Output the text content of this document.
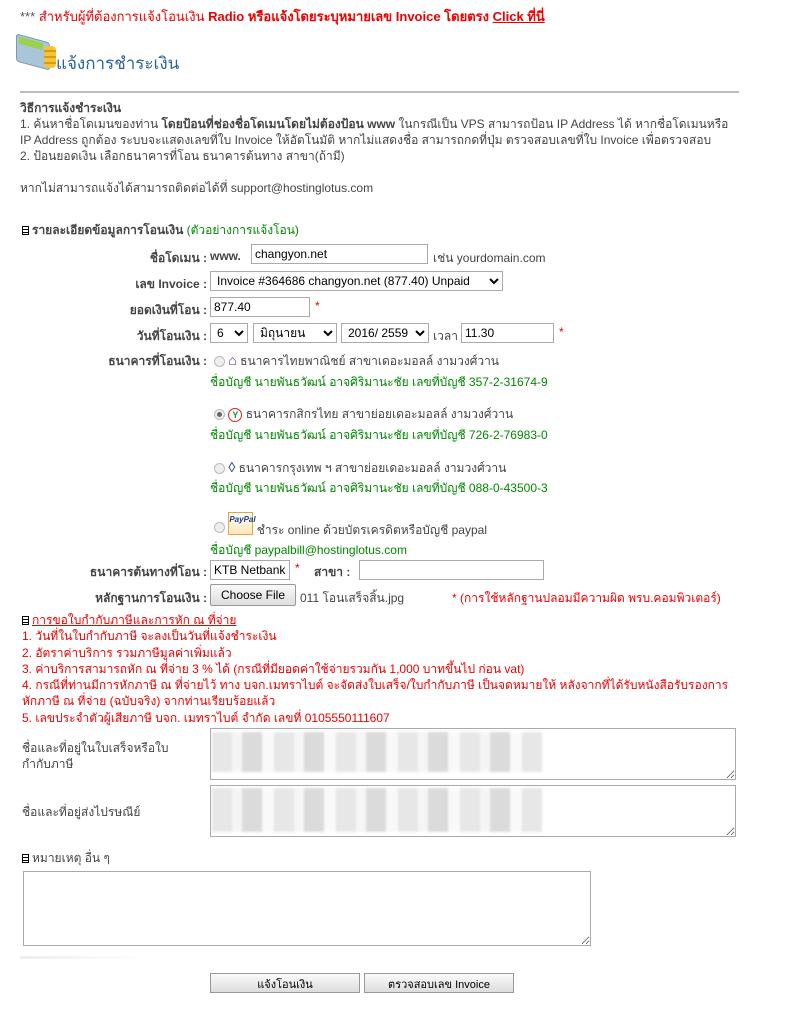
*** สำหรับผู้ที่ต้องการแจ้งโอนเงิน Radio หรือแจ้งโดยระบุหมายเลข Invoice โดยตรง Click ที่นี่
แจ้งการชำระเงิน
วิธีการแจ้งชำระเงิน
1. ค้นหาชื่อโดเมนของท่าน โดยป้อนที่ช่องชื่อโดเมนโดยไม่ต้องป้อน www ในกรณีเป็น VPS สามารถป้อน IP Address ได้ หากชื่อโดเมนหรือ IP Address ถูกต้อง ระบบจะแสดงเลขที่ใบ Invoice ให้อัตโนมัติ หากไม่แสดงชื่อ สามารถกดที่ปุ่ม ตรวจสอบเลขที่ใบ Invoice เพื่อตรวจสอบ
2. ป้อนยอดเงิน เลือกธนาคารที่โอน ธนาคารต้นทาง สาขา(ถ้ามี)
หากไม่สามารถแจ้งได้สามารถติดต่อได้ที่ support@hostinglotus.com
รายละเอียดข้อมูลการโอนเงิน (ตัวอย่างการแจ้งโอน)
ชื่อโดเมน : www.
changyon.net	เช่น yourdomain.com
เลข Invoice :
Invoice #364686 changyon.net (877.40) Unpaid
ยอดเงินที่โอน :
877.40	*
วันที่โอนเงิน :
6
มิถุนายน
2016/ 2559	เวลา
11.30	*
ธนาคารที่โอนเงิน :	⌂ ธนาคารไทยพาณิชย์ สาขาเดอะมอลล์ งามวงศ์วาน
ชื่อบัญชี นายพันธวัฒน์ อาจศิริมานะชัย เลขที่บัญชี 357-2-31674-9
Y ธนาคารกสิกรไทย สาขาย่อยเดอะมอลล์ งามวงศ์วาน
ชื่อบัญชี นายพันธวัฒน์ อาจศิริมานะชัย เลขที่บัญชี 726-2-76983-0
◊ ธนาคารกรุงเทพ ฯ สาขาย่อยเดอะมอลล์ งามวงศ์วาน
ชื่อบัญชี นายพันธวัฒน์ อาจศิริมานะชัย เลขที่บัญชี 088-0-43500-3
PayPal ชำระ online ด้วยบัตรเครดิตหรือบัญชี paypal
ชื่อบัญชี paypalbill@hostinglotus.com
ธนาคารต้นทางที่โอน :
KTB Netbank	* สาขา :
หลักฐานการโอนเงิน :	Choose File	011 โอนเสร็จสิ้น.jpg	* (การใช้หลักฐานปลอมมีความผิด พรบ.คอมพิวเตอร์)
การขอใบกำกับภาษีและการหัก ณ ที่จ่าย
1. วันที่ในใบกำกับภาษี จะลงเป็นวันที่แจ้งชำระเงิน
2. อัตราค่าบริการ รวมภาษีมูลค่าเพิ่มแล้ว
3. ค่าบริการสามารถหัก ณ ที่จ่าย 3 % ได้ (กรณีที่มียอดค่าใช้จ่ายรวมกัน 1,000 บาทขึ้นไป ก่อน vat)
4. กรณีที่ท่านมีการหักภาษี ณ ที่จ่ายไว้ ทาง บจก.เมทราไบต์ จะจัดส่งใบเสร็จ/ใบกำกับภาษี เป็นจดหมายให้ หลังจากที่ได้รับหนังสือรับรองการหักภาษี ณ ที่จ่าย (ฉบับจริง) จากท่านเรียบร้อยแล้ว
5. เลขประจำตัวผู้เสียภาษี บจก. เมทราไบต์ จำกัด เลขที่ 0105550111607
ชื่อและที่อยู่ในใบเสร็จหรือใบกำกับภาษี
ชื่อและที่อยู่ส่งไปรษณีย์
หมายเหตุ อื่น ๆ
แจ้งโอนเงิน	ตรวจสอบเลข Invoice
